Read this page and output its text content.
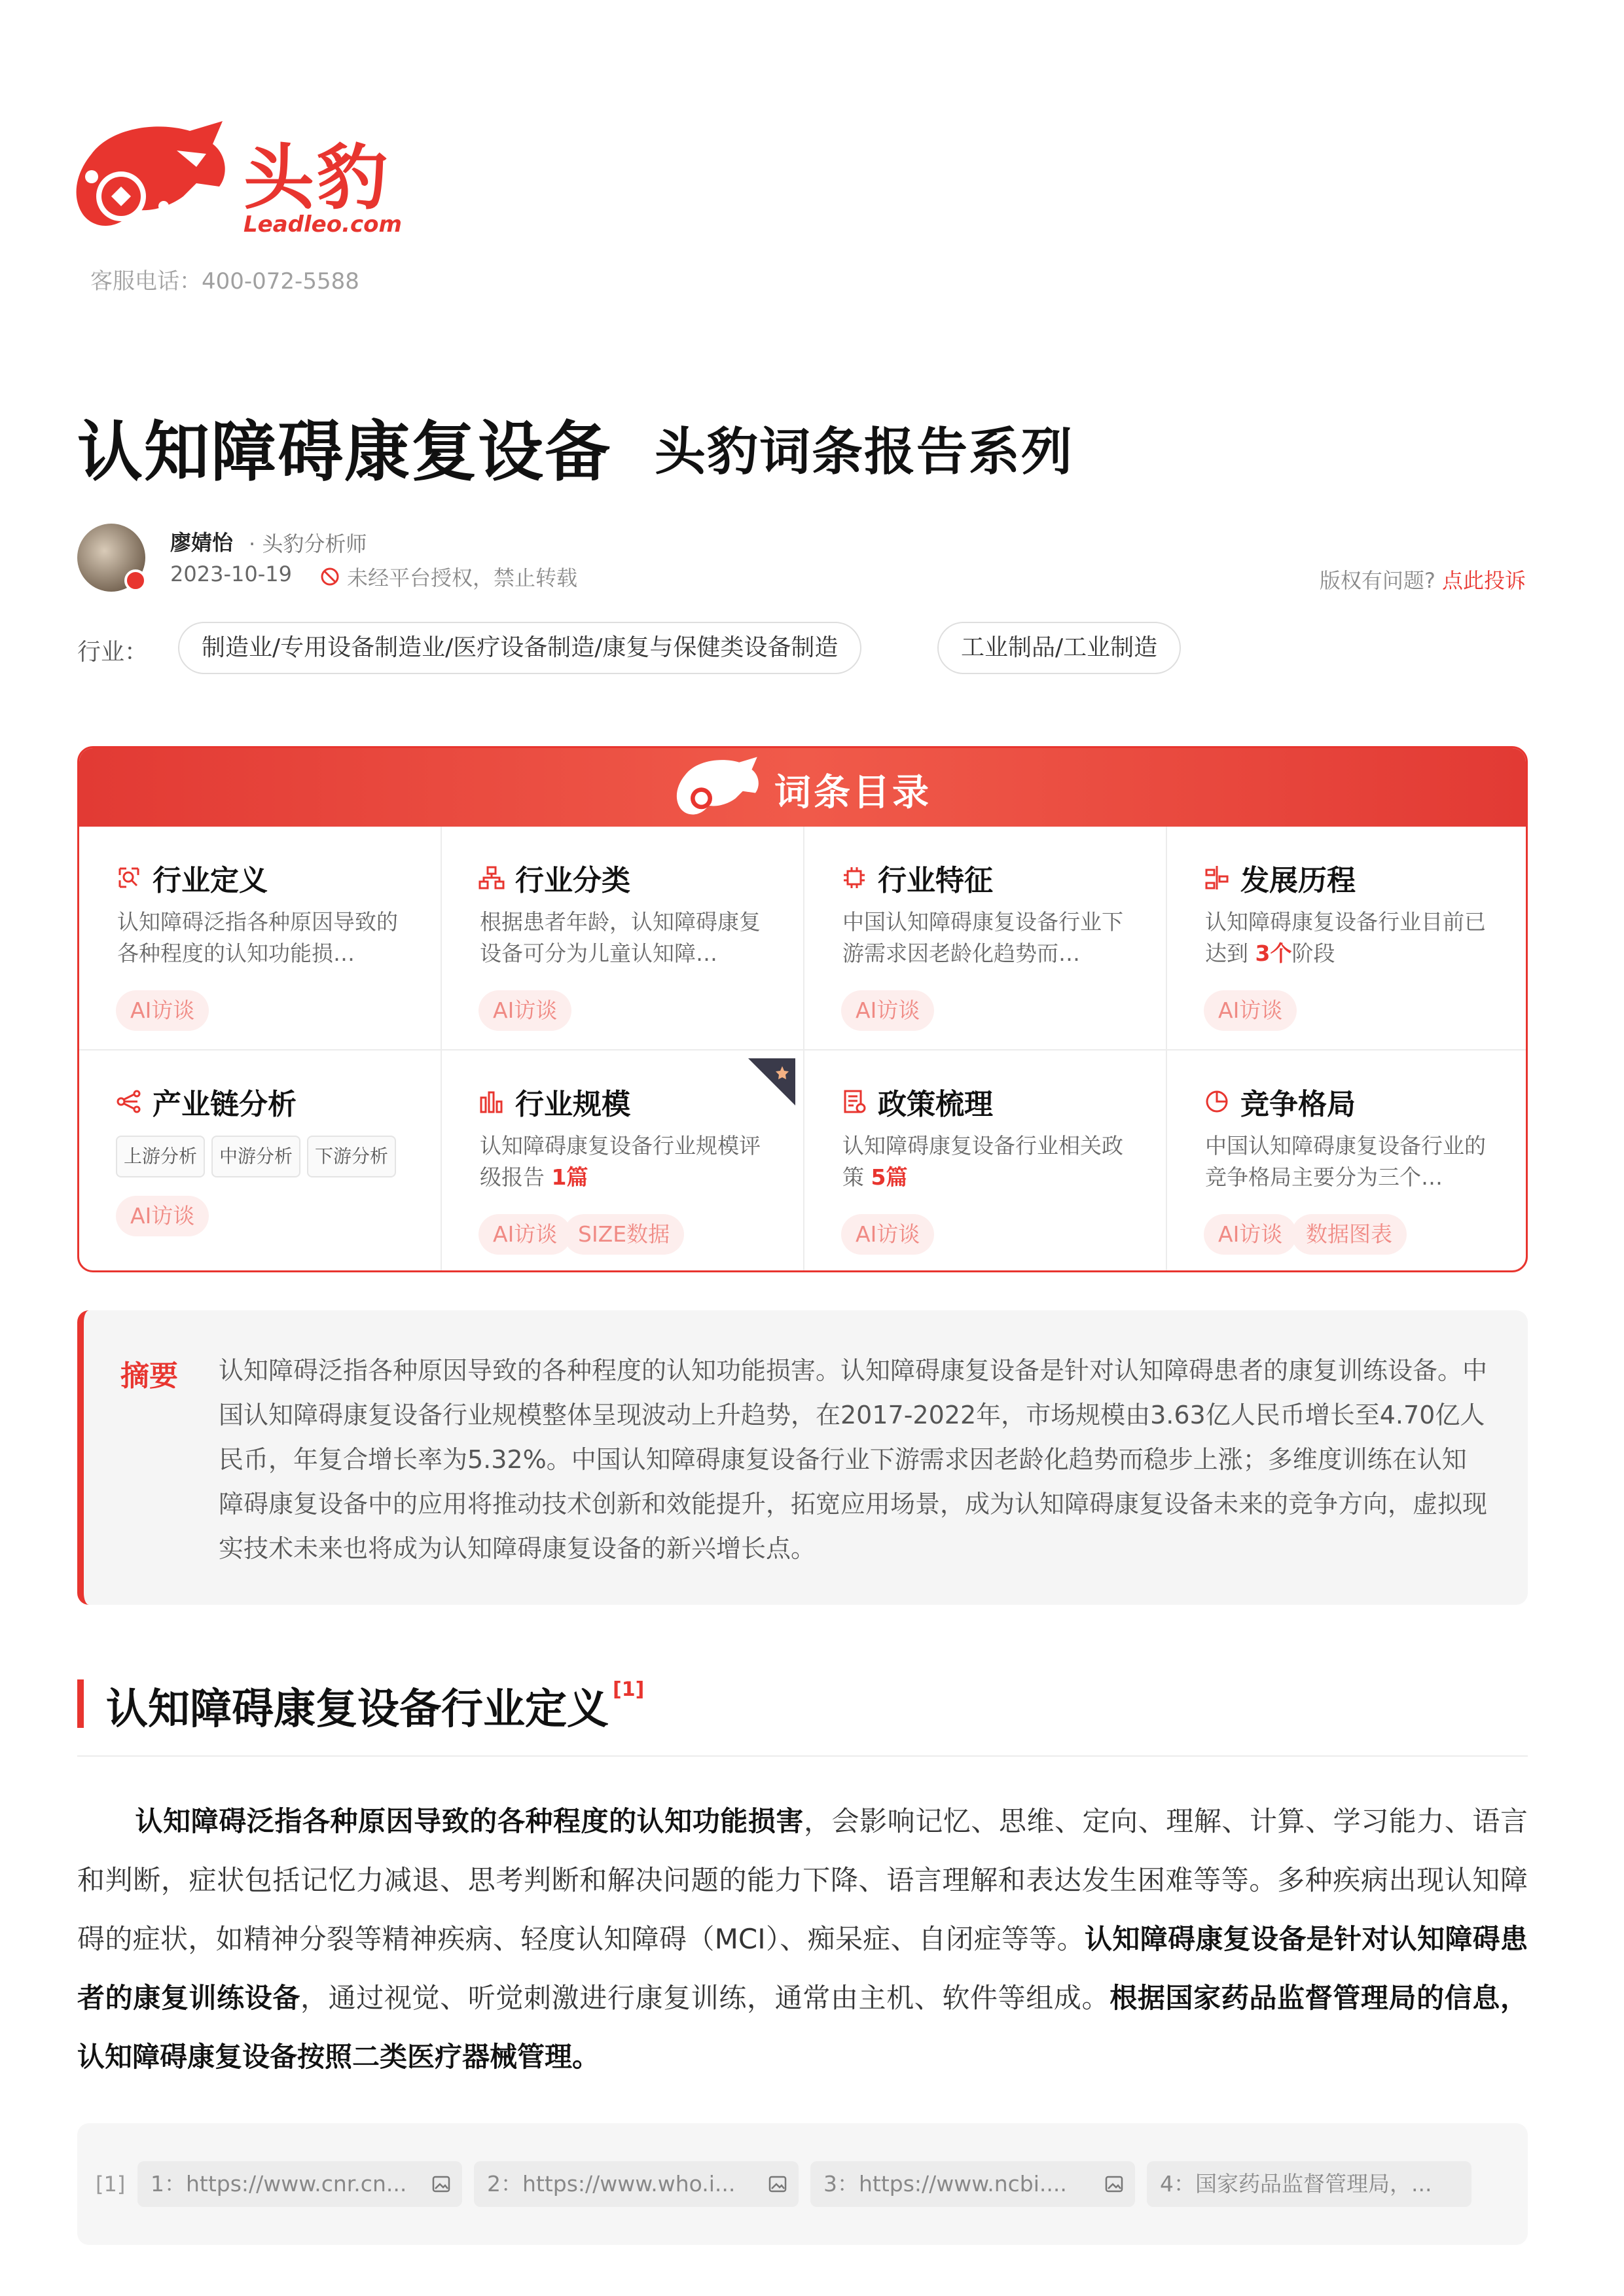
头豹
Leadleo.com
客服电话：400-072-5588
认知障碍康复设备 头豹词条报告系列
廖婧怡 · 头豹分析师
2023-10-19	未经平台授权，禁止转载	版权有问题? 点此投诉
行业：	制造业/专用设备制造业/医疗设备制造/康复与保健类设备制造	工业制品/工业制造
词条目录
行业定义
认知障碍泛指各种原因导致的各种程度的认知功能损…
AI访谈
行业分类
根据患者年龄，认知障碍康复设备可分为儿童认知障…
AI访谈
行业特征
中国认知障碍康复设备行业下游需求因老龄化趋势而…
AI访谈
发展历程
认知障碍康复设备行业目前已达到 3个阶段
AI访谈
产业链分析
上游分析	中游分析	下游分析
AI访谈
行业规模
认知障碍康复设备行业规模评级报告 1篇
AI访谈 SIZE数据
政策梳理
认知障碍康复设备行业相关政策 5篇
AI访谈
竞争格局
中国认知障碍康复设备行业的竞争格局主要分为三个…
AI访谈	数据图表
摘要 认知障碍泛指各种原因导致的各种程度的认知功能损害。认知障碍康复设备是针对认知障碍患者的康复训练设备。中国认知障碍康复设备行业规模整体呈现波动上升趋势，在2017-2022年，市场规模由3.63亿人民币增长至4.70亿人民币，年复合增长率为5.32%。中国认知障碍康复设备行业下游需求因老龄化趋势而稳步上涨；多维度训练在认知障碍康复设备中的应用将推动技术创新和效能提升，拓宽应用场景，成为认知障碍康复设备未来的竞争方向，虚拟现实技术未来也将成为认知障碍康复设备的新兴增长点。
认知障碍康复设备行业定义 [1]
认知障碍泛指各种原因导致的各种程度的认知功能损害，会影响记忆、思维、定向、理解、计算、学习能力、语言和判断，症状包括记忆力减退、思考判断和解决问题的能力下降、语言理解和表达发生困难等等。多种疾病出现认知障碍的症状，如精神分裂等精神疾病、轻度认知障碍（MCI）、痴呆症、自闭症等等。认知障碍康复设备是针对认知障碍患者的康复训练设备，通过视觉、听觉刺激进行康复训练，通常由主机、软件等组成。根据国家药品监督管理局的信息，认知障碍康复设备按照二类医疗器械管理。
[1]	1：https://www.cnr.cn...	2：https://www.who.i...	3：https://www.ncbi....	4：国家药品监督管理局，...
